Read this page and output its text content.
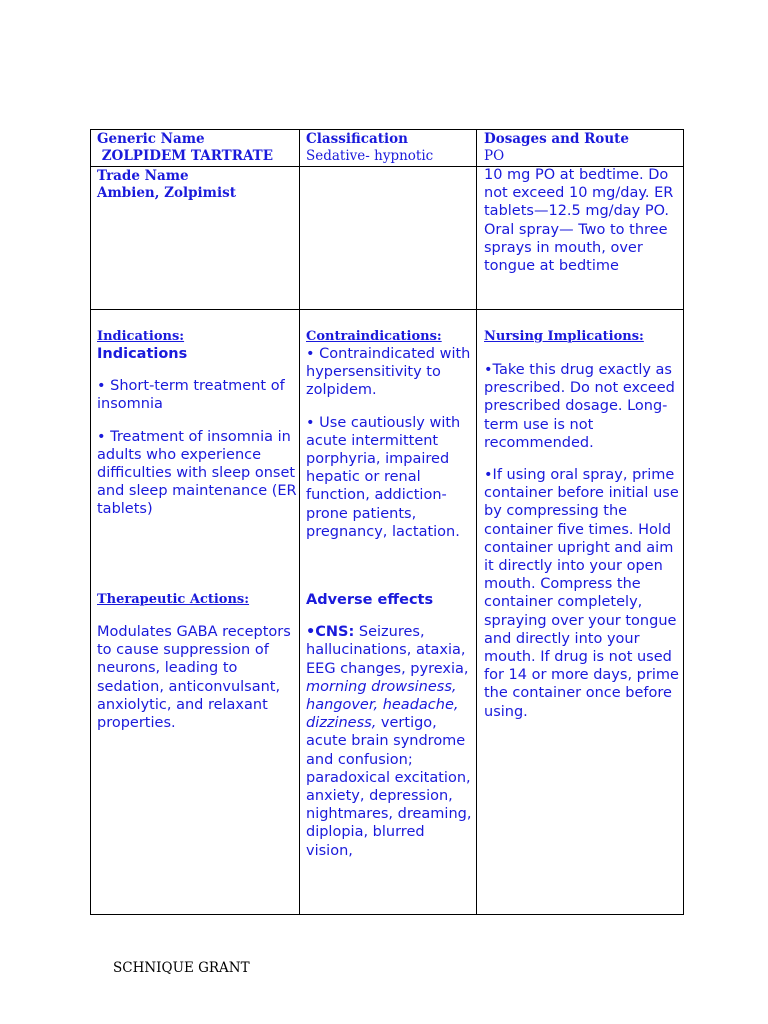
Generic Name
ZOLPIDEM TARTRATE
Classification
Sedative- hypnotic
Dosages and Route
PO
Trade Name
Ambien, Zolpimist
10 mg PO at bedtime. Do not exceed 10 mg/day. ER tablets—12.5 mg/day PO. Oral spray— Two to three sprays in mouth, over tongue at bedtime
Indications:
Indications

• Short-term treatment of insomnia

• Treatment of insomnia in adults who experience difficulties with sleep onset and sleep maintenance (ER tablets)

Therapeutic Actions:

Modulates GABA receptors to cause suppression of neurons, leading to sedation, anticonvulsant, anxiolytic, and relaxant properties.

Contraindications:

• Contraindicated with hypersensitivity to zolpidem.

• Use cautiously with acute intermittent porphyria, impaired hepatic or renal function, addiction-prone patients, pregnancy, lactation.

Adverse effects

•CNS: Seizures, hallucinations, ataxia, EEG changes, pyrexia, morning drowsiness, hangover, headache, dizziness, vertigo, acute brain syndrome and confusion; paradoxical excitation, anxiety, depression, nightmares, dreaming, diplopia, blurred vision,

Nursing Implications:

•Take this drug exactly as prescribed. Do not exceed prescribed dosage. Long-term use is not recommended.

•If using oral spray, prime container before initial use by compressing the container five times. Hold container upright and aim it directly into your open mouth. Compress the container completely, spraying over your tongue and directly into your mouth. If drug is not used for 14 or more days, prime the container once before using.

SCHNIQUE GRANT
